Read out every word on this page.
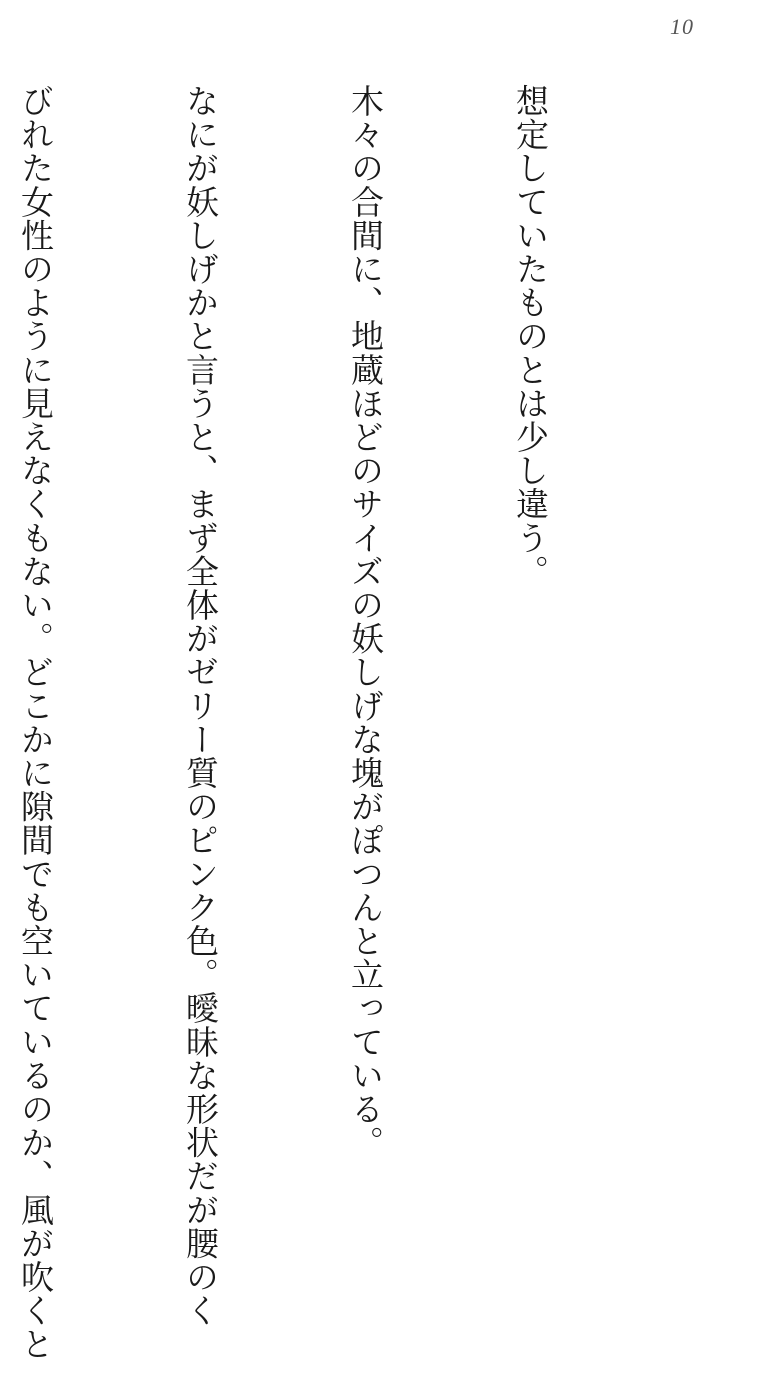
10

想定していたものとは少し違う。

木々の合間に、地蔵ほどのサイズの妖しげな塊がぽつんと立っている。

なにが妖しげかと言うと、まず全体がゼリー質のピンク色。曖昧な形状だが腰のく

びれた女性のように見えなくもない。どこかに隙間でも空いているのか、風が吹くと
